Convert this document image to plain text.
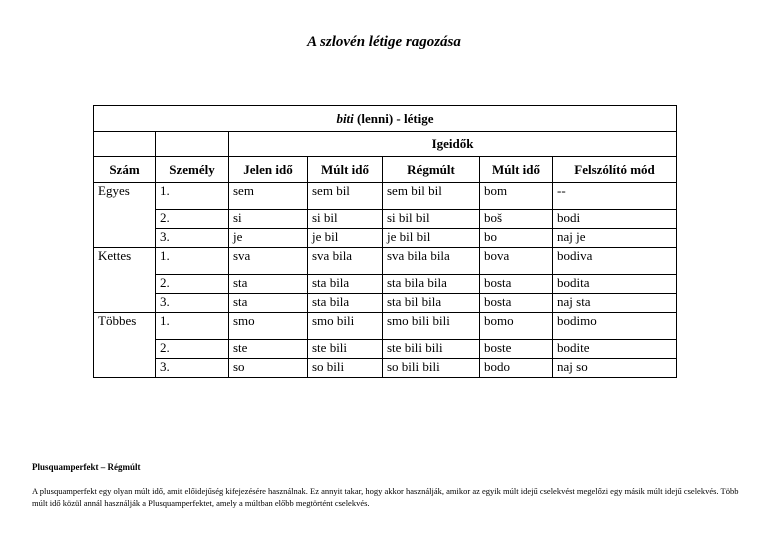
A szlovén létige ragozása
biti (lenni) - létige						
		Igeidők				
Szám	Személy	Jelen idő	Múlt idő	Régmúlt	Múlt idő	Felszólító mód
Egyes	1.	sem	sem bil	sem bil bil	bom	--
	2.	si	si bil	si bil bil	boš	bodi
	3.	je	je bil	je bil bil	bo	naj je
Kettes	1.	sva	sva bila	sva bila bila	bova	bodiva
	2.	sta	sta bila	sta bila bila	bosta	bodita
	3.	sta	sta bila	sta bil bila	bosta	naj sta
Többes	1.	smo	smo bili	smo bili bili	bomo	bodimo
	2.	ste	ste bili	ste bili bili	boste	bodite
	3.	so	so bili	so bili bili	bodo	naj so
Plusquamperfekt – Régmúlt
A plusquamperfekt egy olyan múlt idő, amit előidejűség kifejezésére használnak. Ez annyit takar, hogy akkor használják, amikor az egyik múlt idejű cselekvést megelőzi egy másik múlt idejű cselekvés. Több múlt idő közül annál használják a Plusquamperfektet, amely a múltban előbb megtörtént cselekvés.
